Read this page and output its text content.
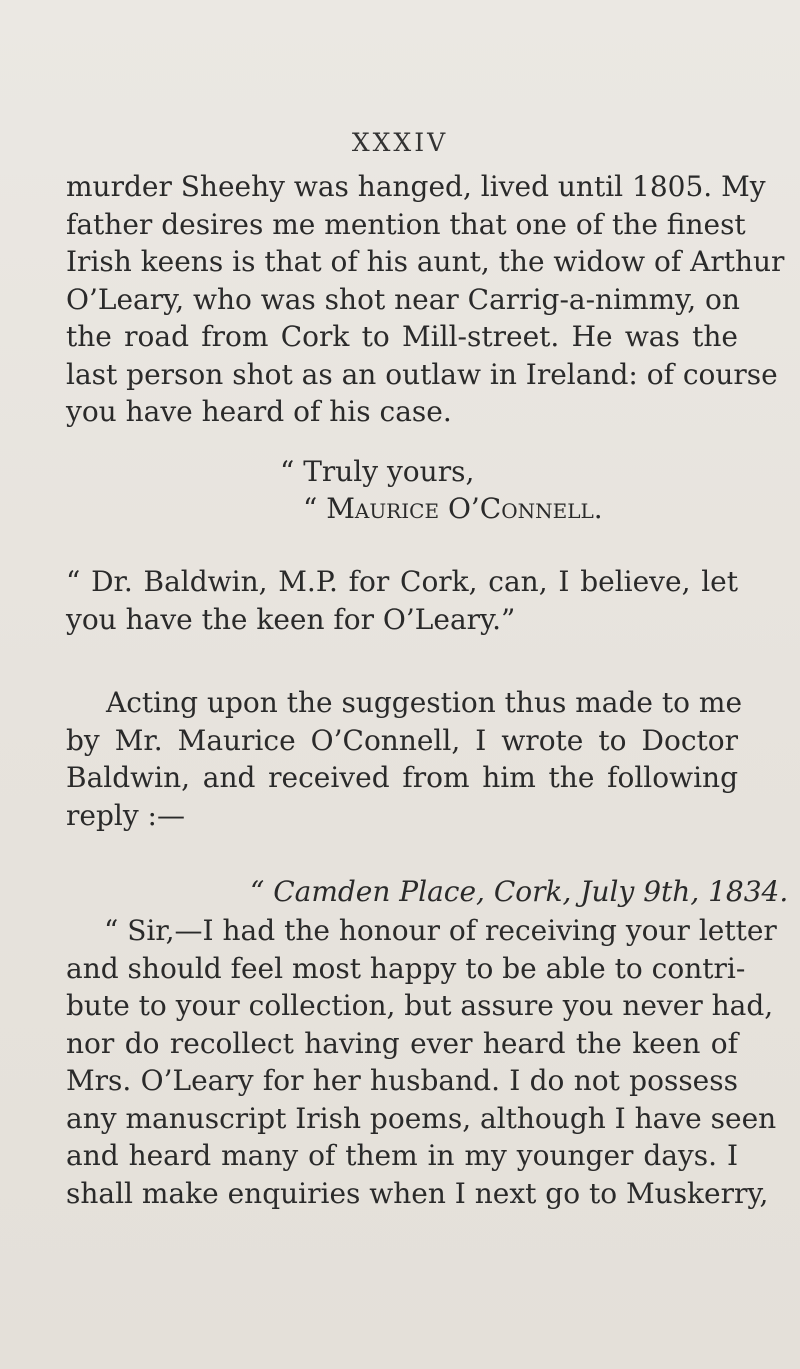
XXXIV
murder Sheehy was hanged, lived until 1805. My
father desires me mention that one of the finest
Irish keens is that of his aunt, the widow of Arthur
O’Leary, who was shot near Carrig-a-nimmy, on
the road from Cork to Mill-street. He was the
last person shot as an outlaw in Ireland: of course
you have heard of his case.
“ Truly yours,
“ Maurice O’Connell.
“ Dr. Baldwin, M.P. for Cork, can, I believe, let
you have the keen for O’Leary.”
Acting upon the suggestion thus made to me
by Mr. Maurice O’Connell, I wrote to Doctor
Baldwin, and received from him the following
reply :—
“ Camden Place, Cork, July 9th, 1834.
“ Sir,—I had the honour of receiving your letter
and should feel most happy to be able to contri-
bute to your collection, but assure you never had,
nor do recollect having ever heard the keen of
Mrs. O’Leary for her husband. I do not possess
any manuscript Irish poems, although I have seen
and heard many of them in my younger days. I
shall make enquiries when I next go to Muskerry,
